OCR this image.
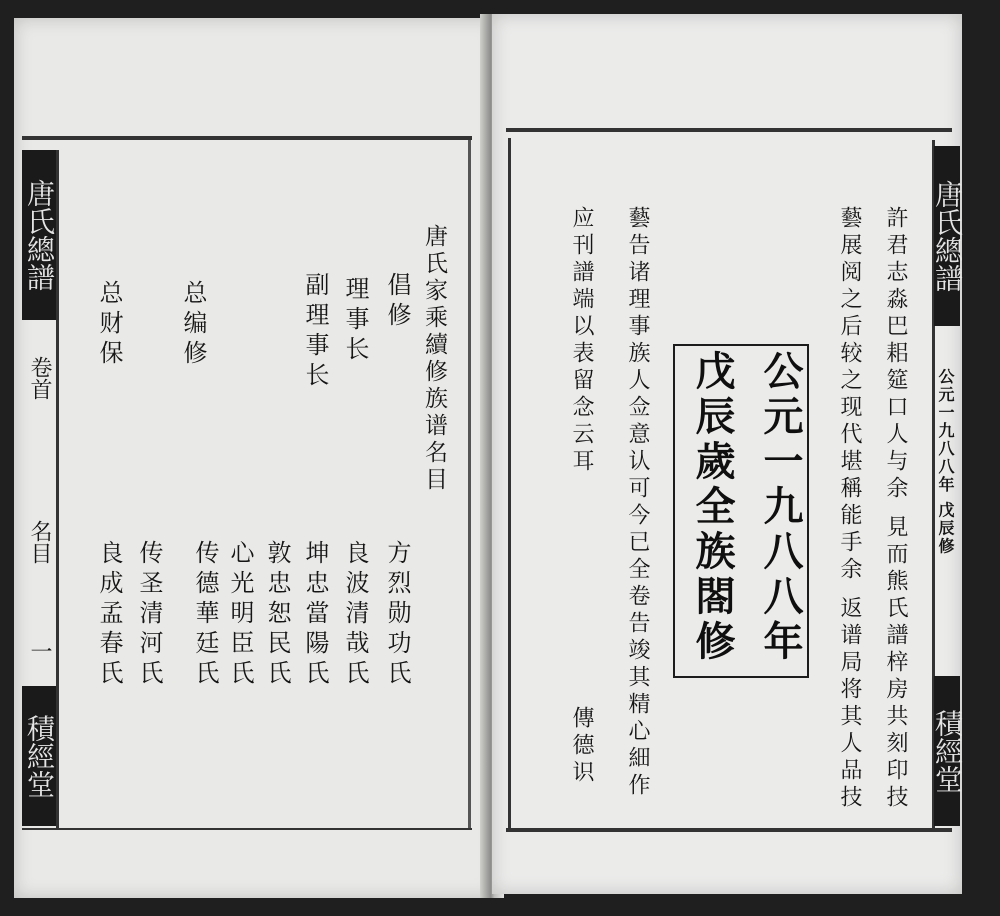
唐氏總譜
卷首
名目
一
積經堂
唐氏家乘續修族谱名目
倡修
方烈勋功氏
理事长
良波清哉氏
副理事长
坤忠當陽氏
敦忠恕民氏
总编修
心光明臣氏 传德華廷氏
传圣清河氏
总财保
良成孟春氏
唐氏總譜
公元一九八八年 戊辰修
積經堂
許君志淼巴耜筵口人与余 見而熊氏譜梓房共刻印技
藝展阅之后较之现代堪稱能手余 返谱局将其人品技
公元一九八八年
戊辰歲全族閤修
藝告诸理事族人佥意认可今已全卷告竣其精心細作
应刊譜端以表留念云耳
傳德识
